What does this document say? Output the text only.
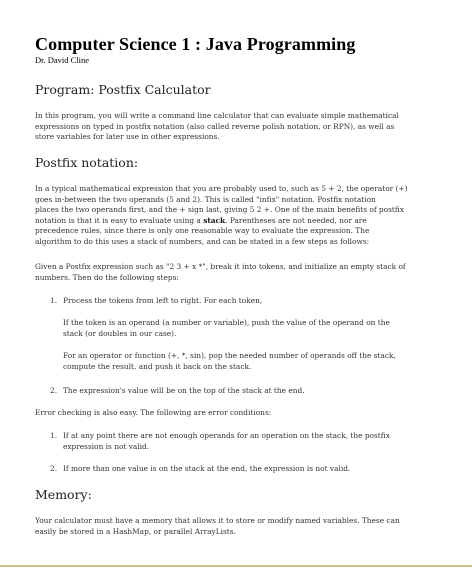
Computer Science 1 : Java Programming
Dr. David Cline
Program: Postfix Calculator
In this program, you will write a command line calculator that can evaluate simple mathematical
expressions on typed in postfix notation (also called reverse polish notation, or RPN), as well as
store variables for later use in other expressions.
Postfix notation:
In a typical mathematical expression that you are probably used to, such as 5 + 2, the operator (+)
goes in-between the two operands (5 and 2). This is called "infix" notation. Postfix notation
places the two operands first, and the + sign last, giving 5 2 +. One of the main benefits of postfix
notation is that it is easy to evaluate using a stack. Parentheses are not needed, nor are
precedence rules, since there is only one reasonable way to evaluate the expression. The
algorithm to do this uses a stack of numbers, and can be stated in a few steps as follows:
Given a Postfix expression such as "2 3 + x *", break it into tokens, and initialize an empty stack of
numbers. Then do the following steps:
1. Process the tokens from left to right. For each token,
If the token is an operand (a number or variable), push the value of the operand on the
stack (or doubles in our case).
For an operator or function (+, *, sin), pop the needed number of operands off the stack,
compute the result, and push it back on the stack.
2. The expression's value will be on the top of the stack at the end.
Error checking is also easy. The following are error conditions:
1. If at any point there are not enough operands for an operation on the stack, the postfix
expression is not valid.
2. If more than one value is on the stack at the end, the expression is not valid.
Memory:
Your calculator must have a memory that allows it to store or modify named variables. These can
easily be stored in a HashMap, or parallel ArrayLists.
